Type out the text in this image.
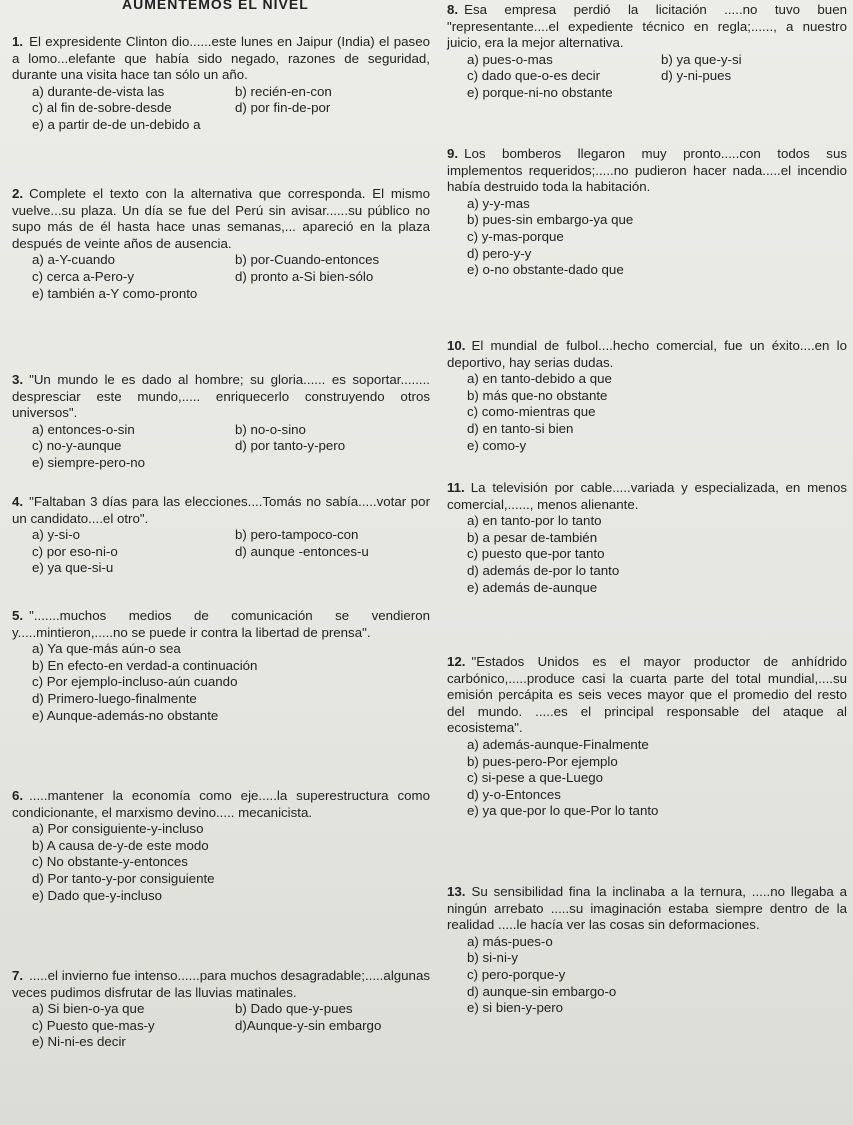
AUMENTEMOS EL NIVEL

1. El expresidente Clinton dio......este lunes en Jaipur (India) el paseo a lomo...elefante que había sido negado, razones de seguridad, durante una visita hace tan sólo un año.

a) durante-de-vista las	b) recién-en-con
c) al fin de-sobre-desde	d) por fin-de-por
e) a partir de-de un-debido a

2. Complete el texto con la alternativa que corresponda. El mismo vuelve...su plaza. Un día se fue del Perú sin avisar......su público no supo más de él hasta hace unas semanas,... apareció en la plaza después de veinte años de ausencia.

a) a-Y-cuando	b) por-Cuando-entonces
c) cerca a-Pero-y	d) pronto a-Si bien-sólo
e) también a-Y como-pronto

3. "Un mundo le es dado al hombre; su gloria...... es soportar........ despresciar este mundo,..... enriquecerlo construyendo otros universos".

a) entonces-o-sin	b) no-o-sino
c) no-y-aunque	d) por tanto-y-pero
e) siempre-pero-no

4. "Faltaban 3 días para las elecciones....Tomás no sabía.....votar por un candidato....el otro".

a) y-si-o	b) pero-tampoco-con
c) por eso-ni-o	d) aunque -entonces-u
e) ya que-si-u

5. ".......muchos medios de comunicación se vendieron y.....mintieron,.....no se puede ir contra la libertad de prensa".

a) Ya que-más aún-o sea
b) En efecto-en verdad-a continuación
c) Por ejemplo-incluso-aún cuando
d) Primero-luego-finalmente
e) Aunque-además-no obstante

6. .....mantener la economía como eje.....la superestructura como condicionante, el marxismo devino..... mecanicista.

a) Por consiguiente-y-incluso
b) A causa de-y-de este modo
c) No obstante-y-entonces
d) Por tanto-y-por consiguiente
e) Dado que-y-incluso

7. .....el invierno fue intenso......para muchos desagradable;.....algunas veces pudimos disfrutar de las lluvias matinales.

a) Si bien-o-ya que	b) Dado que-y-pues
c) Puesto que-mas-y	d)Aunque-y-sin embargo
e) Ni-ni-es decir

8. Esa empresa perdió la licitación .....no tuvo buen "representante....el expediente técnico en regla;......, a nuestro juicio, era la mejor alternativa.

a) pues-o-mas	b) ya que-y-si
c) dado que-o-es decir	d) y-ni-pues
e) porque-ni-no obstante

9. Los bomberos llegaron muy pronto.....con todos sus implementos requeridos;.....no pudieron hacer nada.....el incendio había destruido toda la habitación.

a) y-y-mas
b) pues-sin embargo-ya que
c) y-mas-porque
d) pero-y-y
e) o-no obstante-dado que

10. El mundial de fulbol....hecho comercial, fue un éxito....en lo deportivo, hay serias dudas.

a) en tanto-debido a que
b) más que-no obstante
c) como-mientras que
d) en tanto-si bien
e) como-y

11. La televisión por cable.....variada y especializada, en menos comercial,......, menos alienante.

a) en tanto-por lo tanto
b) a pesar de-también
c) puesto que-por tanto
d) además de-por lo tanto
e) además de-aunque

12. "Estados Unidos es el mayor productor de anhídrido carbónico,.....produce casi la cuarta parte del total mundial,....su emisión percápita es seis veces mayor que el promedio del resto del mundo. .....es el principal responsable del ataque al ecosistema".

a) además-aunque-Finalmente
b) pues-pero-Por ejemplo
c) si-pese a que-Luego
d) y-o-Entonces
e) ya que-por lo que-Por lo tanto

13. Su sensibilidad fina la inclinaba a la ternura, .....no llegaba a ningún arrebato .....su imaginación estaba siempre dentro de la realidad .....le hacía ver las cosas sin deformaciones.

a) más-pues-o
b) si-ni-y
c) pero-porque-y
d) aunque-sin embargo-o
e) si bien-y-pero
